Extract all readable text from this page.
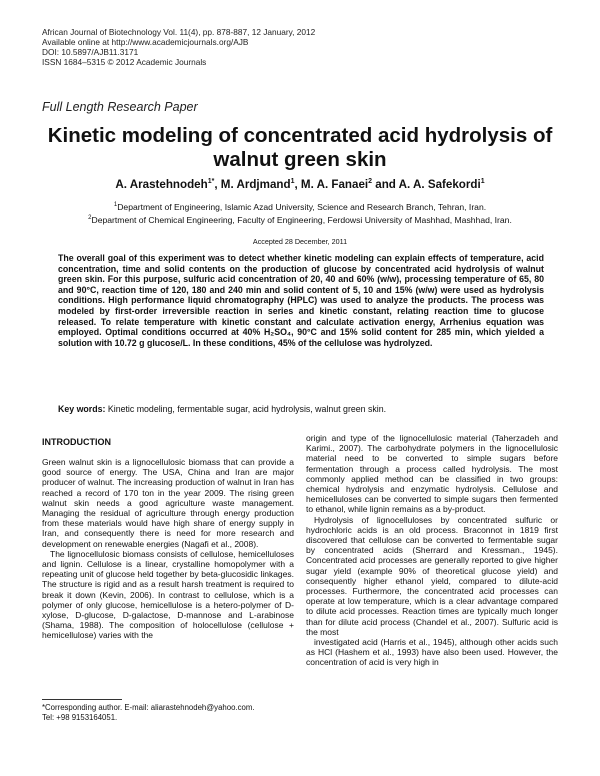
African Journal of Biotechnology Vol. 11(4), pp. 878-887, 12 January, 2012
Available online at http://www.academicjournals.org/AJB
DOI: 10.5897/AJB11.3171
ISSN 1684–5315 © 2012 Academic Journals
Full Length Research Paper
Kinetic modeling of concentrated acid hydrolysis of walnut green skin
A. Arastehnodeh$^{1*}$, M. Ardjmand$^1$, M. A. Fanaei$^2$ and A. A. Safekordi$^1$
$^1$Department of Engineering, Islamic Azad University, Science and Research Branch, Tehran, Iran.
$^2$Department of Chemical Engineering, Faculty of Engineering, Ferdowsi University of Mashhad, Mashhad, Iran.
Accepted 28 December, 2011
The overall goal of this experiment was to detect whether kinetic modeling can explain effects of temperature, acid concentration, time and solid contents on the production of glucose by concentrated acid hydrolysis of walnut green skin. For this purpose, sulfuric acid concentration of 20, 40 and 60% (w/w), processing temperature of 65, 80 and 90°C, reaction time of 120, 180 and 240 min and solid content of 5, 10 and 15% (w/w) were used as hydrolysis conditions. High performance liquid chromatography (HPLC) was used to analyze the products. The process was modeled by first-order irreversible reaction in series and kinetic constant, relating reaction time to glucose released. To relate temperature with kinetic constant and calculate activation energy, Arrhenius equation was employed. Optimal conditions occurred at 40% H₂SO₄, 90°C and 15% solid content for 285 min, which yielded a solution with 10.72 g glucose/L. In these conditions, 45% of the cellulose was hydrolyzed.
Key words: Kinetic modeling, fermentable sugar, acid hydrolysis, walnut green skin.
INTRODUCTION

Green walnut skin is a lignocellulosic biomass that can provide a good source of energy. The USA, China and Iran are major producer of walnut. The increasing production of walnut in Iran has reached a record of 170 ton in the year 2009. The rising green walnut skin needs a good agriculture waste management. Managing the residual of agriculture through energy production from these materials would have high share of energy supply in Iran, and consequently there is need for more research and development on renewable energies (Nagafi et al., 2008).

The lignocellulosic biomass consists of cellulose, hemicelluloses and lignin. Cellulose is a linear, crystalline homopolymer with a repeating unit of glucose held together by beta-glucosidic linkages. The structure is rigid and as a result harsh treatment is required to break it down (Kevin, 2006). In contrast to cellulose, which is a polymer of only glucose, hemicellulose is a hetero-polymer of D-xylose, D-glucose, D-galactose, D-mannose and L-arabinose (Shama, 1988). The composition of holocellulose (cellulose + hemicellulose) varies with the

origin and type of the lignocellulosic material (Taherzadeh and Karimi., 2007). The carbohydrate polymers in the lignocellulosic material need to be converted to simple sugars before fermentation through a process called hydrolysis. The most commonly applied method can be classified in two groups: chemical hydrolysis and enzymatic hydrolysis. Cellulose and hemicelluloses can be converted to simple sugars then fermented to ethanol, while lignin remains as a by-product.

Hydrolysis of lignocelluloses by concentrated sulfuric or hydrochloric acids is an old process. Braconnot in 1819 first discovered that cellulose can be converted to fermentable sugar by concentrated acids (Sherrard and Kressman., 1945). Concentrated acid processes are generally reported to give higher sugar yield (example 90% of theoretical glucose yield) and consequently higher ethanol yield, compared to dilute-acid processes. Furthermore, the concentrated acid processes can operate at low temperature, which is a clear advantage compared to dilute acid processes. Reaction times are typically much longer than for dilute acid process (Chandel et al., 2007). Sulfuric acid is the most

investigated acid (Harris et al., 1945), although other acids such as HCl (Hashem et al., 1993) have also been used. However, the concentration of acid is very high in

*Corresponding author. E-mail: aliarastehnodeh@yahoo.com.
Tel: +98 9153164051.
